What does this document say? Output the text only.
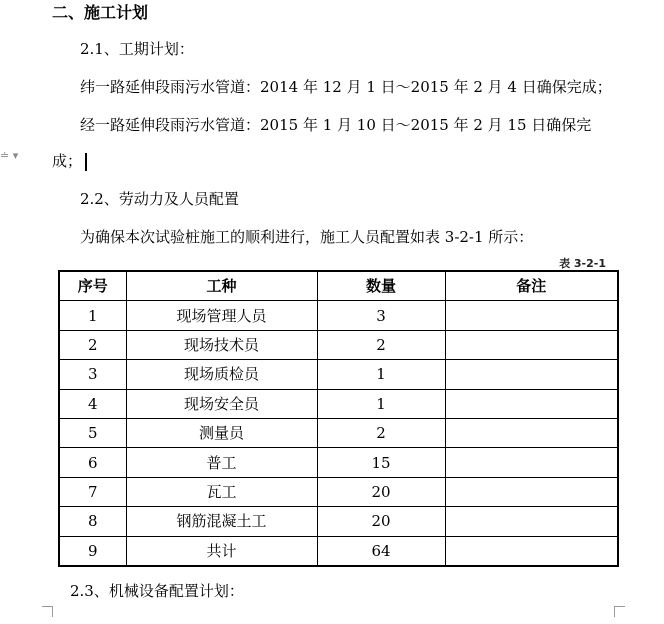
二、施工计划
2.1、工期计划：
纬一路延伸段雨污水管道：2014 年 12 月 1 日～2015 年 2 月 4 日确保完成；
经一路延伸段雨污水管道：2015 年 1 月 10 日～2015 年 2 月 15 日确保完
成；
≐ ▾
2.2、劳动力及人员配置
为确保本次试验桩施工的顺利进行，施工人员配置如表 3-2-1 所示：
表 3-2-1
序号	工种	数量	备注
1	现场管理人员	3	
2	现场技术员	2	
3	现场质检员	1	
4	现场安全员	1	
5	测量员	2	
6	普工	15	
7	瓦工	20	
8	钢筋混凝土工	20	
9	共计	64	
2.3、机械设备配置计划：
